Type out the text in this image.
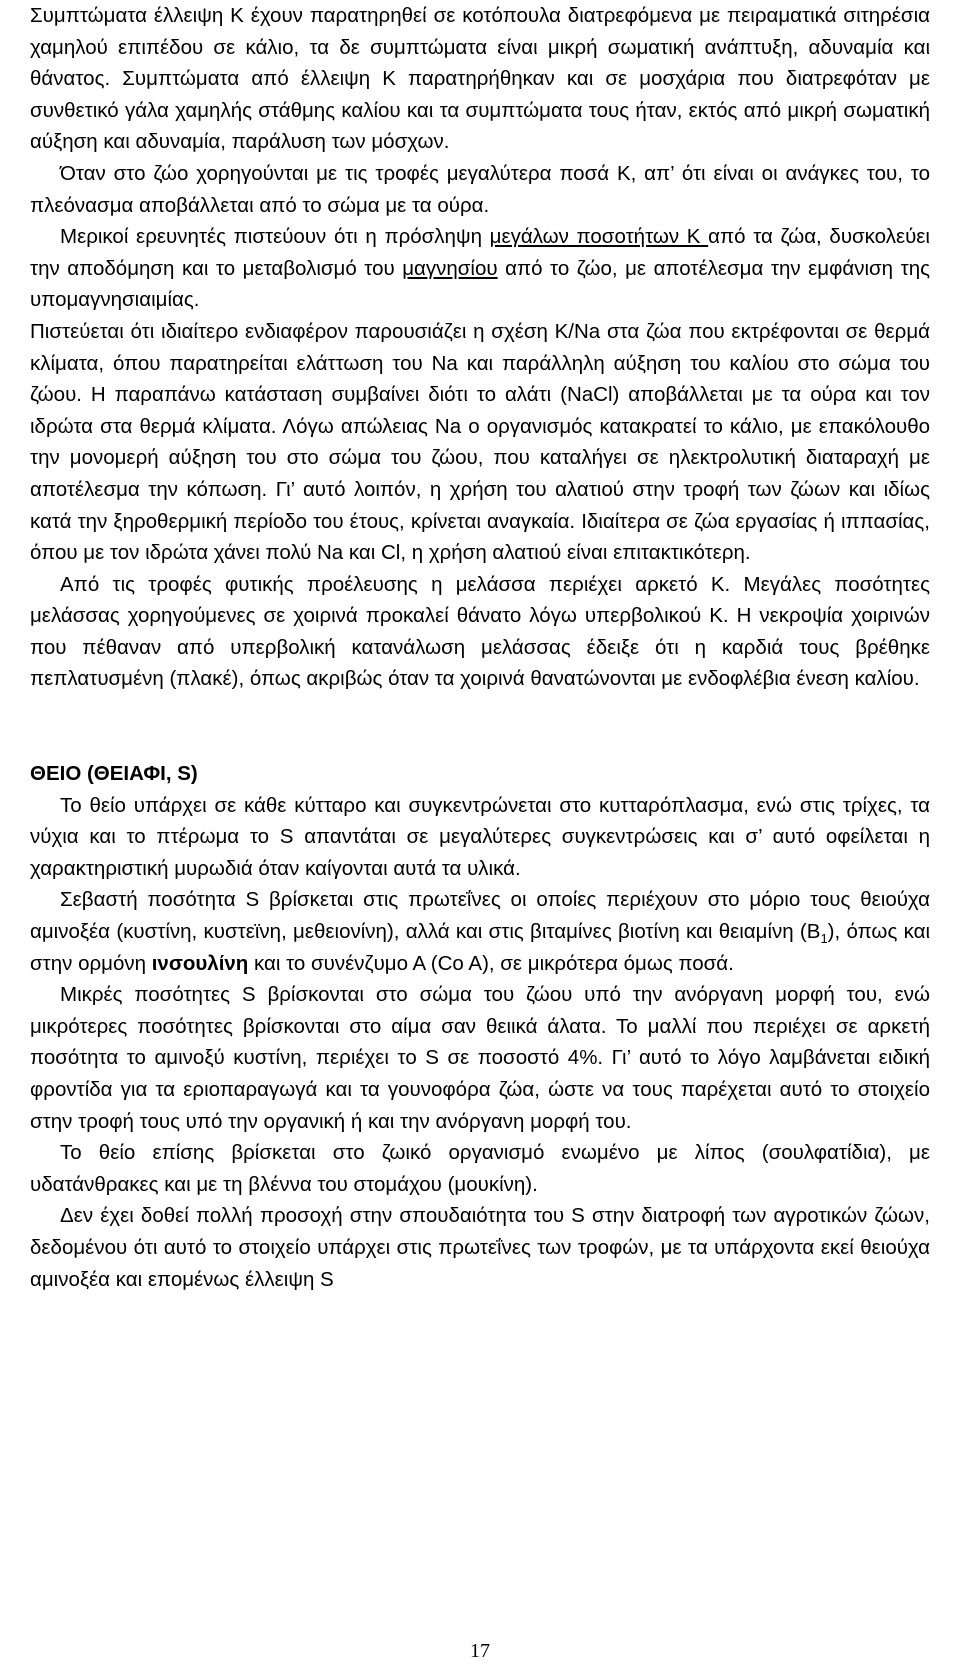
Συμπτώματα έλλειψη Κ έχουν παρατηρηθεί σε κοτόπουλα διατρεφόμενα με πειραματικά σιτηρέσια χαμηλού επιπέδου σε κάλιο, τα δε συμπτώματα είναι μικρή σωματική ανάπτυξη, αδυναμία και θάνατος. Συμπτώματα από έλλειψη Κ παρατηρήθηκαν και σε μοσχάρια που διατρεφόταν με συνθετικό γάλα χαμηλής στάθμης καλίου και τα συμπτώματα τους ήταν, εκτός από μικρή σωματική αύξηση και αδυναμία, παράλυση των μόσχων.

Όταν στο ζώο χορηγούνται με τις τροφές μεγαλύτερα ποσά Κ, απ’ ότι είναι οι ανάγκες του, το πλεόνασμα αποβάλλεται από το σώμα με τα ούρα.

Μερικοί ερευνητές πιστεύουν ότι η πρόσληψη μεγάλων ποσοτήτων Κ από τα ζώα, δυσκολεύει την αποδόμηση και το μεταβολισμό του μαγνησίου από το ζώο, με αποτέλεσμα την εμφάνιση της υπομαγνησιαιμίας.

Πιστεύεται ότι ιδιαίτερο ενδιαφέρον παρουσιάζει η σχέση Κ/Na στα ζώα που εκτρέφονται σε θερμά κλίματα, όπου παρατηρείται ελάττωση του Na και παράλληλη αύξηση του καλίου στο σώμα του ζώου. Η παραπάνω κατάσταση συμβαίνει διότι το αλάτι (NaCl) αποβάλλεται με τα ούρα και τον ιδρώτα στα θερμά κλίματα. Λόγω απώλειας Na ο οργανισμός κατακρατεί το κάλιο, με επακόλουθο την μονομερή αύξηση του στο σώμα του ζώου, που καταλήγει σε ηλεκτρολυτική διαταραχή με αποτέλεσμα την κόπωση. Γι’ αυτό λοιπόν, η χρήση του αλατιού στην τροφή των ζώων και ιδίως κατά την ξηροθερμική περίοδο του έτους, κρίνεται αναγκαία. Ιδιαίτερα σε ζώα εργασίας ή ιππασίας, όπου με τον ιδρώτα χάνει πολύ Na και Cl, η χρήση αλατιού είναι επιτακτικότερη.

Από τις τροφές φυτικής προέλευσης η μελάσσα περιέχει αρκετό Κ. Μεγάλες ποσότητες μελάσσας χορηγούμενες σε χοιρινά προκαλεί θάνατο λόγω υπερβολικού Κ. Η νεκροψία χοιρινών που πέθαναν από υπερβολική κατανάλωση μελάσσας έδειξε ότι η καρδιά τους βρέθηκε πεπλατυσμένη (πλακέ), όπως ακριβώς όταν τα χοιρινά θανατώνονται με ενδοφλέβια ένεση καλίου.

ΘΕΙΟ (ΘΕΙΑΦΙ, S)

Το θείο υπάρχει σε κάθε κύτταρο και συγκεντρώνεται στο κυτταρόπλασμα, ενώ στις τρίχες, τα νύχια και το πτέρωμα το S απαντάται σε μεγαλύτερες συγκεντρώσεις και σ’ αυτό οφείλεται η χαρακτηριστική μυρωδιά όταν καίγονται αυτά τα υλικά.

Σεβαστή ποσότητα S βρίσκεται στις πρωτεΐνες οι οποίες περιέχουν στο μόριο τους θειούχα αμινοξέα (κυστίνη, κυστεϊνη, μεθειονίνη), αλλά και στις βιταμίνες βιοτίνη και θειαμίνη $(B_1)$, όπως και στην ορμόνη ινσουλίνη και το συνένζυμο Α (Co A), σε μικρότερα όμως ποσά.

Μικρές ποσότητες S βρίσκονται στο σώμα του ζώου υπό την ανόργανη μορφή του, ενώ μικρότερες ποσότητες βρίσκονται στο αίμα σαν θειικά άλατα. Το μαλλί που περιέχει σε αρκετή ποσότητα το αμινοξύ κυστίνη, περιέχει το S σε ποσοστό 4%. Γι’ αυτό το λόγο λαμβάνεται ειδική φροντίδα για τα εριοπαραγωγά και τα γουνοφόρα ζώα, ώστε να τους παρέχεται αυτό το στοιχείο στην τροφή τους υπό την οργανική ή και την ανόργανη μορφή του.

Το θείο επίσης βρίσκεται στο ζωικό οργανισμό ενωμένο με λίπος (σουλφατίδια), με υδατάνθρακες και με τη βλέννα του στομάχου (μουκίνη).

Δεν έχει δοθεί πολλή προσοχή στην σπουδαιότητα του S στην διατροφή των αγροτικών ζώων, δεδομένου ότι αυτό το στοιχείο υπάρχει στις πρωτεΐνες των τροφών, με τα υπάρχοντα εκεί θειούχα αμινοξέα και επομένως έλλειψη S

17
